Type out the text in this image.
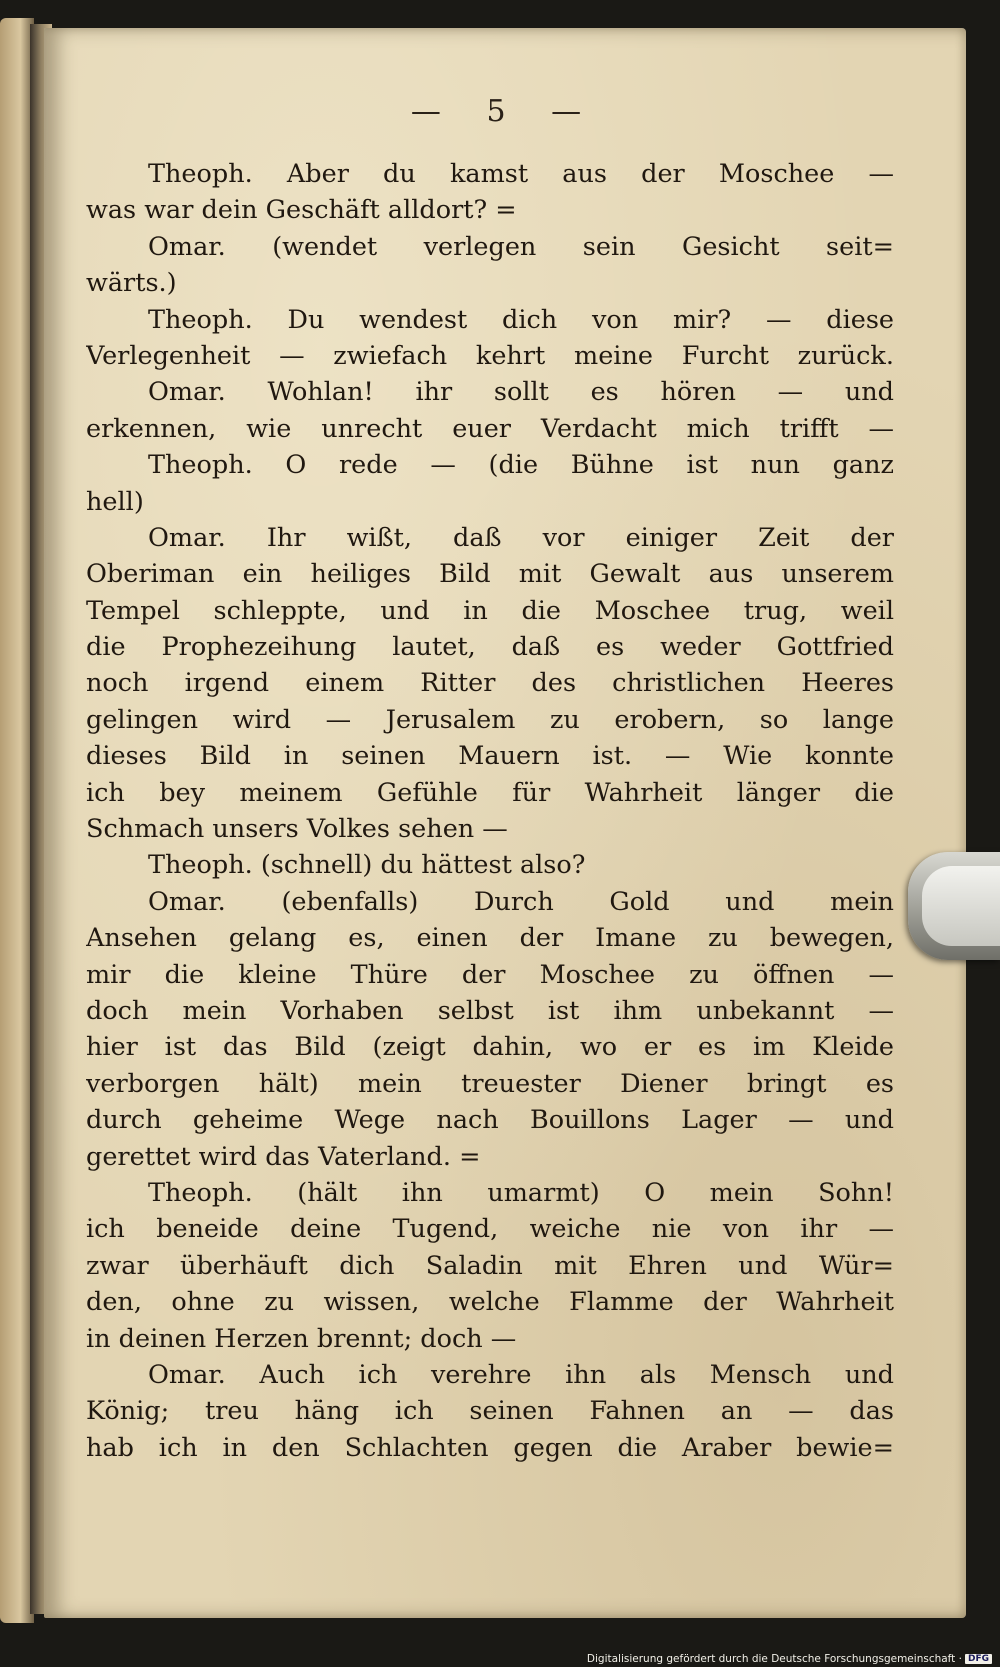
— 5 —
Theoph. Aber du kamst aus der Moschee —
was war dein Geschäft alldort? =
Omar. (wendet verlegen sein Gesicht seit=
wärts.)
Theoph. Du wendest dich von mir? — diese
Verlegenheit — zwiefach kehrt meine Furcht zurück.
Omar. Wohlan! ihr sollt es hören — und
erkennen, wie unrecht euer Verdacht mich trifft —
Theoph. O rede — (die Bühne ist nun ganz
hell)
Omar. Ihr wißt, daß vor einiger Zeit der
Oberiman ein heiliges Bild mit Gewalt aus unserem
Tempel schleppte, und in die Moschee trug, weil
die Prophezeihung lautet, daß es weder Gottfried
noch irgend einem Ritter des christlichen Heeres
gelingen wird — Jerusalem zu erobern, so lange
dieses Bild in seinen Mauern ist. — Wie konnte
ich bey meinem Gefühle für Wahrheit länger die
Schmach unsers Volkes sehen —
Theoph. (schnell) du hättest also?
Omar. (ebenfalls) Durch Gold und mein
Ansehen gelang es, einen der Imane zu bewegen,
mir die kleine Thüre der Moschee zu öffnen —
doch mein Vorhaben selbst ist ihm unbekannt —
hier ist das Bild (zeigt dahin, wo er es im Kleide
verborgen hält) mein treuester Diener bringt es
durch geheime Wege nach Bouillons Lager — und
gerettet wird das Vaterland. =
Theoph. (hält ihn umarmt) O mein Sohn!
ich beneide deine Tugend, weiche nie von ihr —
zwar überhäuft dich Saladin mit Ehren und Wür=
den, ohne zu wissen, welche Flamme der Wahrheit
in deinen Herzen brennt; doch —
Omar. Auch ich verehre ihn als Mensch und
König; treu häng ich seinen Fahnen an — das
hab ich in den Schlachten gegen die Araber bewie=
Digitalisierung gefördert durch die Deutsche Forschungsgemeinschaft · DFG
